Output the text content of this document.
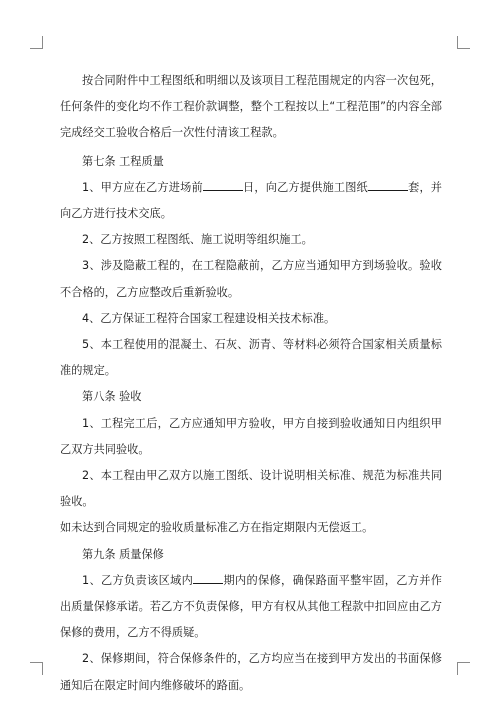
按合同附件中工程图纸和明细以及该项目工程范围规定的内容一次包死，任何条件的变化均不作工程价款调整，整个工程按以上“工程范围”的内容全部完成经交工验收合格后一次性付清该工程款。

第七条 工程质量

1、甲方应在乙方进场前	日，向乙方提供施工图纸	套，并向乙方进行技术交底。

2、乙方按照工程图纸、施工说明等组织施工。

3、涉及隐蔽工程的，在工程隐蔽前，乙方应当通知甲方到场验收。验收不合格的，乙方应整改后重新验收。

4、乙方保证工程符合国家工程建设相关技术标准。

5、本工程使用的混凝土、石灰、沥青、等材料必须符合国家相关质量标准的规定。

第八条 验收

1、工程完工后，乙方应通知甲方验收，甲方自接到验收通知日内组织甲乙双方共同验收。

2、本工程由甲乙双方以施工图纸、设计说明相关标准、规范为标准共同验收。

如未达到合同规定的验收质量标准乙方在指定期限内无偿返工。

第九条 质量保修

1、乙方负责该区域内	期内的保修，确保路面平整牢固，乙方并作出质量保修承诺。若乙方不负责保修，甲方有权从其他工程款中扣回应由乙方保修的费用，乙方不得质疑。

2、保修期间，符合保修条件的，乙方均应当在接到甲方发出的书面保修通知后在限定时间内维修破坏的路面。
